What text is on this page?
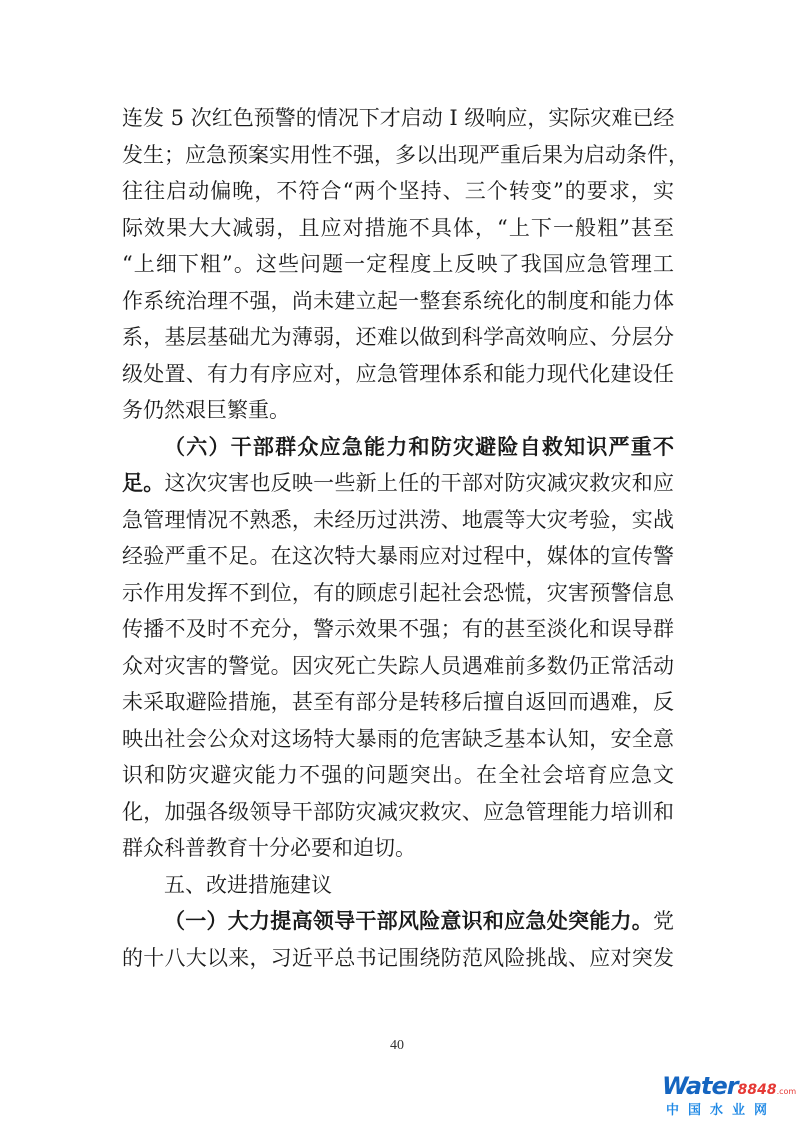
连发 5 次红色预警的情况下才启动 I 级响应，实际灾难已经
发生；应急预案实用性不强，多以出现严重后果为启动条件，
往往启动偏晚，不符合“两个坚持、三个转变”的要求，实
际效果大大减弱，且应对措施不具体，“上下一般粗”甚至
“上细下粗”。这些问题一定程度上反映了我国应急管理工
作系统治理不强，尚未建立起一整套系统化的制度和能力体
系，基层基础尤为薄弱，还难以做到科学高效响应、分层分
级处置、有力有序应对，应急管理体系和能力现代化建设任
务仍然艰巨繁重。
（六）干部群众应急能力和防灾避险自救知识严重不
足。这次灾害也反映一些新上任的干部对防灾减灾救灾和应
急管理情况不熟悉，未经历过洪涝、地震等大灾考验，实战
经验严重不足。在这次特大暴雨应对过程中，媒体的宣传警
示作用发挥不到位，有的顾虑引起社会恐慌，灾害预警信息
传播不及时不充分，警示效果不强；有的甚至淡化和误导群
众对灾害的警觉。因灾死亡失踪人员遇难前多数仍正常活动
未采取避险措施，甚至有部分是转移后擅自返回而遇难，反
映出社会公众对这场特大暴雨的危害缺乏基本认知，安全意
识和防灾避灾能力不强的问题突出。在全社会培育应急文
化，加强各级领导干部防灾减灾救灾、应急管理能力培训和
群众科普教育十分必要和迫切。
五、改进措施建议
（一）大力提高领导干部风险意识和应急处突能力。党
的十八大以来，习近平总书记围绕防范风险挑战、应对突发
40
Water8848.com
中国水业网
